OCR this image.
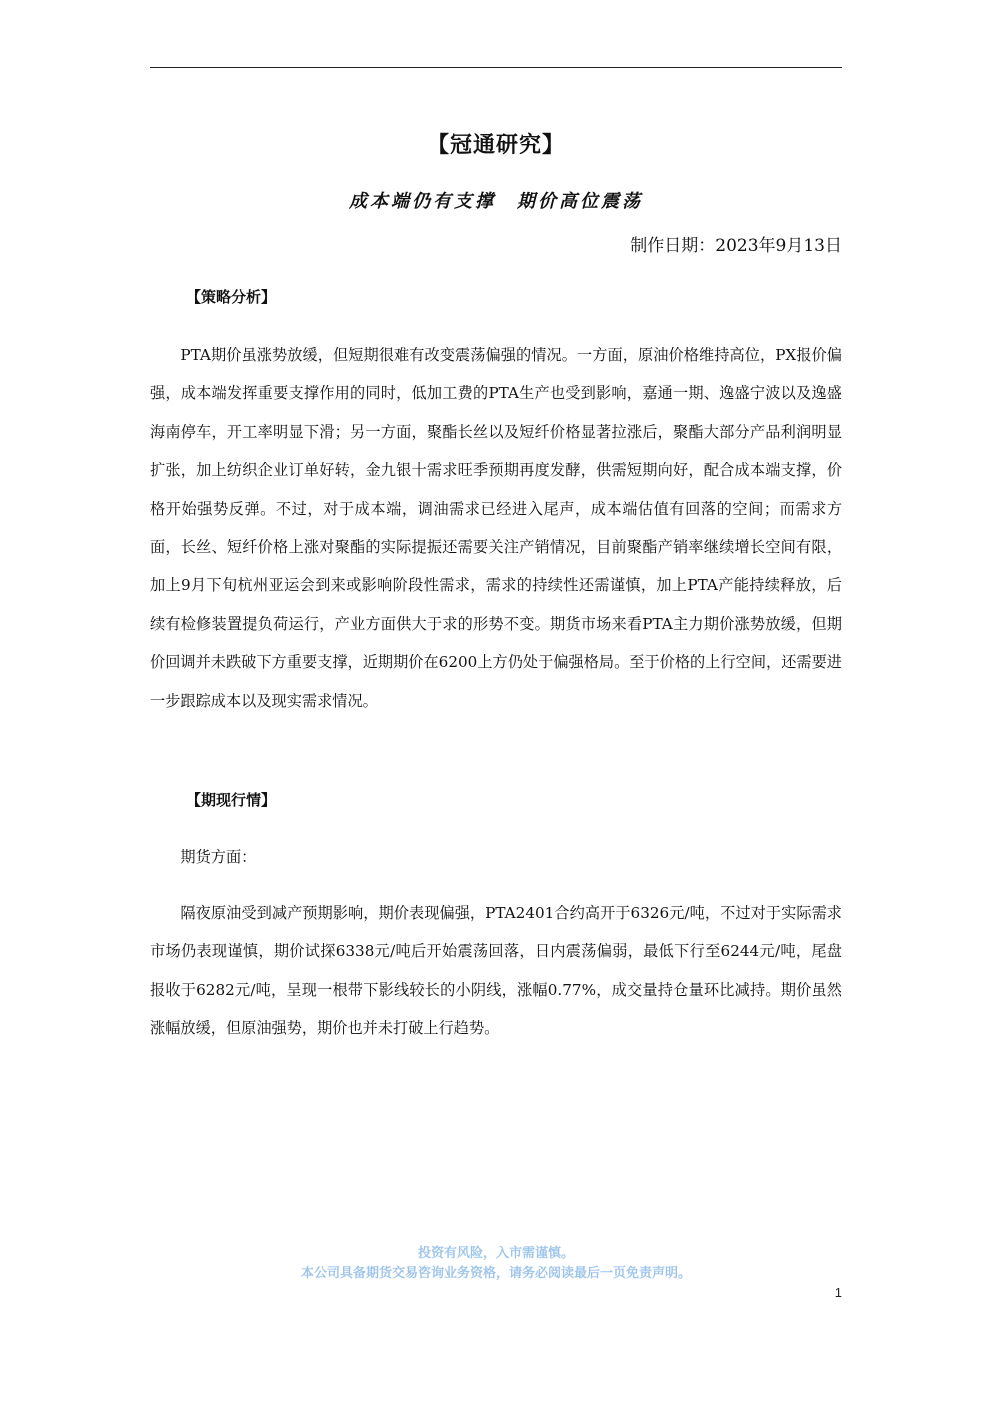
【冠通研究】
成本端仍有支撑　期价高位震荡
制作日期：2023年9月13日
【策略分析】

PTA期价虽涨势放缓，但短期很难有改变震荡偏强的情况。一方面，原油价格维持高位，PX报价偏强，成本端发挥重要支撑作用的同时，低加工费的PTA生产也受到影响，嘉通一期、逸盛宁波以及逸盛海南停车，开工率明显下滑；另一方面，聚酯长丝以及短纤价格显著拉涨后，聚酯大部分产品利润明显扩张，加上纺织企业订单好转，金九银十需求旺季预期再度发酵，供需短期向好，配合成本端支撑，价格开始强势反弹。不过，对于成本端，调油需求已经进入尾声，成本端估值有回落的空间；而需求方面，长丝、短纤价格上涨对聚酯的实际提振还需要关注产销情况，目前聚酯产销率继续增长空间有限，加上9月下旬杭州亚运会到来或影响阶段性需求，需求的持续性还需谨慎，加上PTA产能持续释放，后续有检修装置提负荷运行，产业方面供大于求的形势不变。期货市场来看PTA主力期价涨势放缓，但期价回调并未跌破下方重要支撑，近期期价在6200上方仍处于偏强格局。至于价格的上行空间，还需要进一步跟踪成本以及现实需求情况。

【期现行情】

期货方面：

隔夜原油受到减产预期影响，期价表现偏强，PTA2401合约高开于6326元/吨，不过对于实际需求市场仍表现谨慎，期价试探6338元/吨后开始震荡回落，日内震荡偏弱，最低下行至6244元/吨，尾盘报收于6282元/吨，呈现一根带下影线较长的小阴线，涨幅0.77%，成交量持仓量环比减持。期价虽然涨幅放缓，但原油强势，期价也并未打破上行趋势。

投资有风险，入市需谨慎。

本公司具备期货交易咨询业务资格，请务必阅读最后一页免责声明。

1
